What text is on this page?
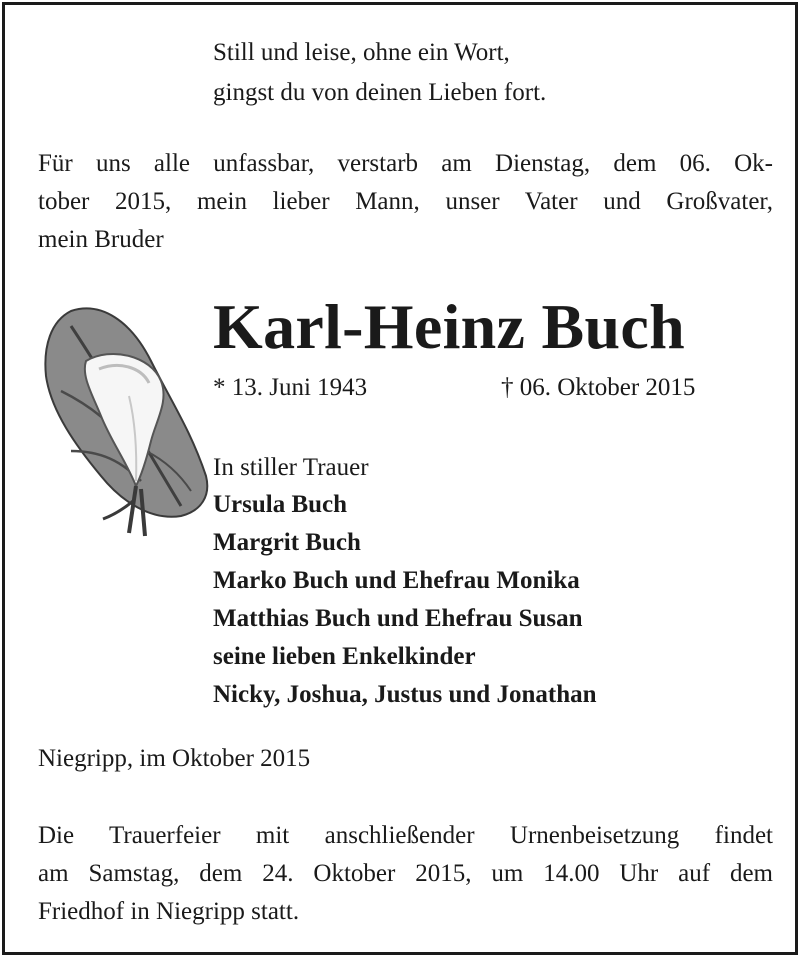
Still und leise, ohne ein Wort,
gingst du von deinen Lieben fort.
Für uns alle unfassbar, verstarb am Dienstag, dem 06. Ok-
tober 2015, mein lieber Mann, unser Vater und Großvater,
mein Bruder
Karl-Heinz Buch
* 13. Juni 1943	† 06. Oktober 2015
In stiller Trauer
Ursula Buch
Margrit Buch
Marko Buch und Ehefrau Monika
Matthias Buch und Ehefrau Susan
seine lieben Enkelkinder
Nicky, Joshua, Justus und Jonathan
Niegripp, im Oktober 2015
Die Trauerfeier mit anschließender Urnenbeisetzung findet
am Samstag, dem 24. Oktober 2015, um 14.00 Uhr auf dem
Friedhof in Niegripp statt.
